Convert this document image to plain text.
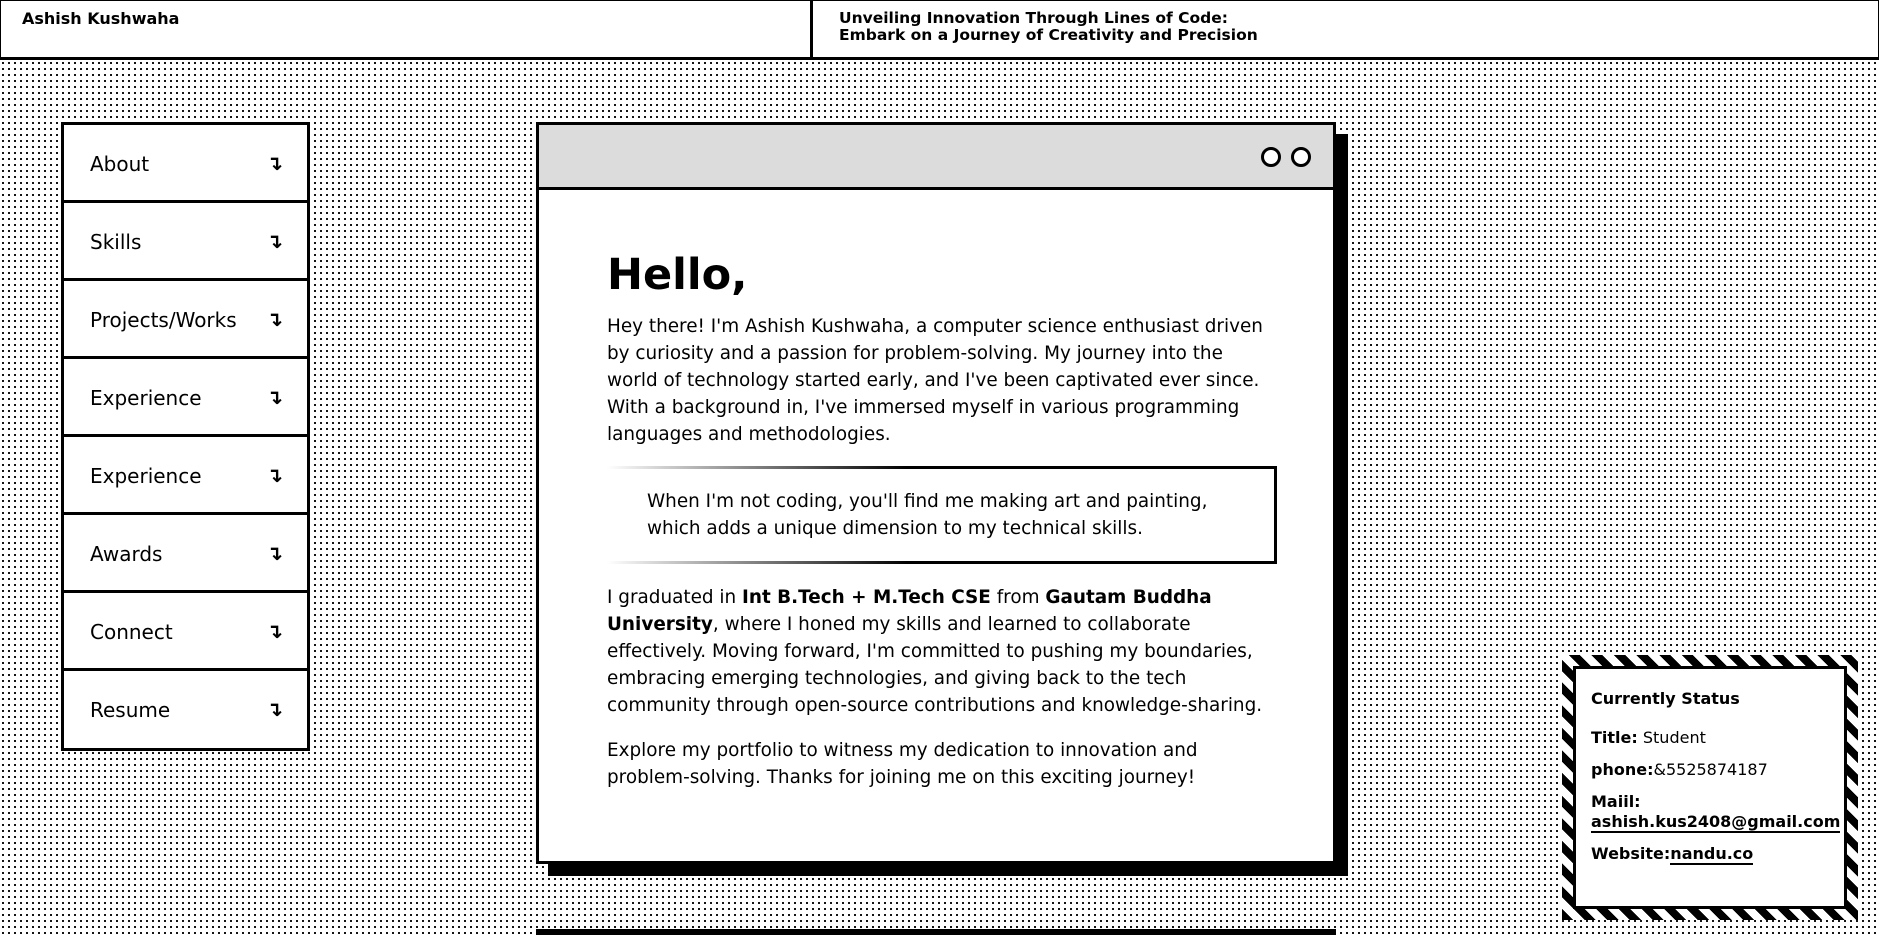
Ashish Kushwaha	Unveiling Innovation Through Lines of Code:
Embark on a Journey of Creativity and Precision
About	↴
Skills	↴
Projects/Works ↴
Experience	↴
Experience	↴
Awards	↴
Connect	↴
Resume	↴
Hello,

Hey there! I'm Ashish Kushwaha, a computer science enthusiast driven by curiosity and a passion for problem-solving. My journey into the world of technology started early, and I've been captivated ever since. With a background in, I've immersed myself in various programming languages and methodologies.

When I'm not coding, you'll find me making art and painting, which adds a unique dimension to my technical skills.

I graduated in Int B.Tech + M.Tech CSE from Gautam Buddha University, where I honed my skills and learned to collaborate effectively. Moving forward, I'm committed to pushing my boundaries, embracing emerging technologies, and giving back to the tech community through open-source contributions and knowledge-sharing.

Explore my portfolio to witness my dedication to innovation and problem-solving. Thanks for joining me on this exciting journey!

Currently Status
Title: Student
phone:&5525874187
Maiil:
ashish.kus2408@gmail.com
Website:nandu.co
